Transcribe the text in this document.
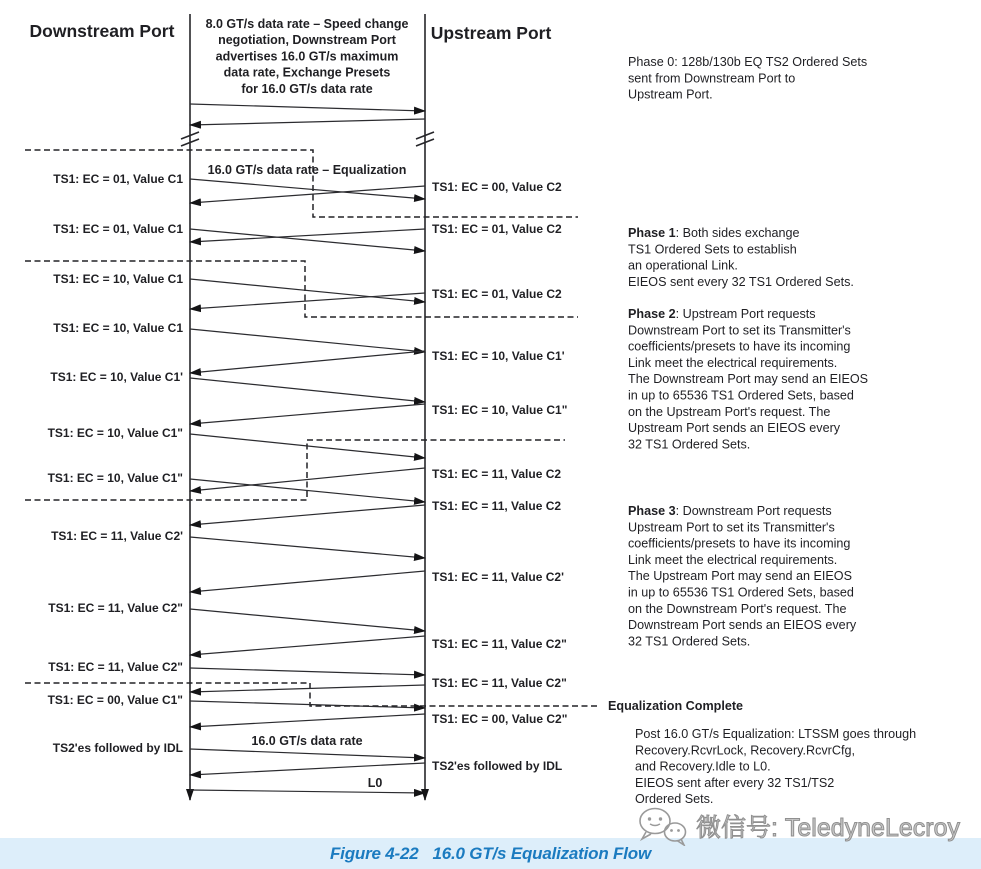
Downstream Port	Upstream Port
8.0 GT/s data rate – Speed change
negotiation, Downstream Port
advertises 16.0 GT/s maximum
data rate, Exchange Presets
for 16.0 GT/s data rate
16.0 GT/s data rate – Equalization
16.0 GT/s data rate
L0
TS1: EC = 01, Value C1
TS1: EC = 01, Value C1
TS1: EC = 10, Value C1
TS1: EC = 10, Value C1
TS1: EC = 10, Value C1'
TS1: EC = 10, Value C1"
TS1: EC = 10, Value C1"
TS1: EC = 11, Value C2'
TS1: EC = 11, Value C2"
TS1: EC = 11, Value C2"
TS1: EC = 00, Value C1"
TS2'es followed by IDL
TS1: EC = 00, Value C2
TS1: EC = 01, Value C2
TS1: EC = 01, Value C2
TS1: EC = 10, Value C1'
TS1: EC = 10, Value C1"
TS1: EC = 11, Value C2
TS1: EC = 11, Value C2
TS1: EC = 11, Value C2'
TS1: EC = 11, Value C2"
TS1: EC = 11, Value C2"
TS1: EC = 00, Value C2"
TS2'es followed by IDL
Phase 0: 128b/130b EQ TS2 Ordered Sets sent from Downstream Port to Upstream Port.
Phase 1: Both sides exchange TS1 Ordered Sets to establish an operational Link. EIEOS sent every 32 TS1 Ordered Sets.
Phase 2: Upstream Port requests Downstream Port to set its Transmitter's coefficients/presets to have its incoming Link meet the electrical requirements. The Downstream Port may send an EIEOS in up to 65536 TS1 Ordered Sets, based on the Upstream Port's request. The Upstream Port sends an EIEOS every 32 TS1 Ordered Sets.
Phase 3: Downstream Port requests Upstream Port to set its Transmitter's coefficients/presets to have its incoming Link meet the electrical requirements. The Upstream Port may send an EIEOS in up to 65536 TS1 Ordered Sets, based on the Downstream Port's request. The Downstream Port sends an EIEOS every 32 TS1 Ordered Sets.
Equalization Complete
Post 16.0 GT/s Equalization: LTSSM goes through Recovery.RcvrLock, Recovery.RcvrCfg, and Recovery.Idle to L0. EIEOS sent after every 32 TS1/TS2 Ordered Sets.
微信号: TeledyneLecroy
Figure 4-22 16.0 GT/s Equalization Flow
